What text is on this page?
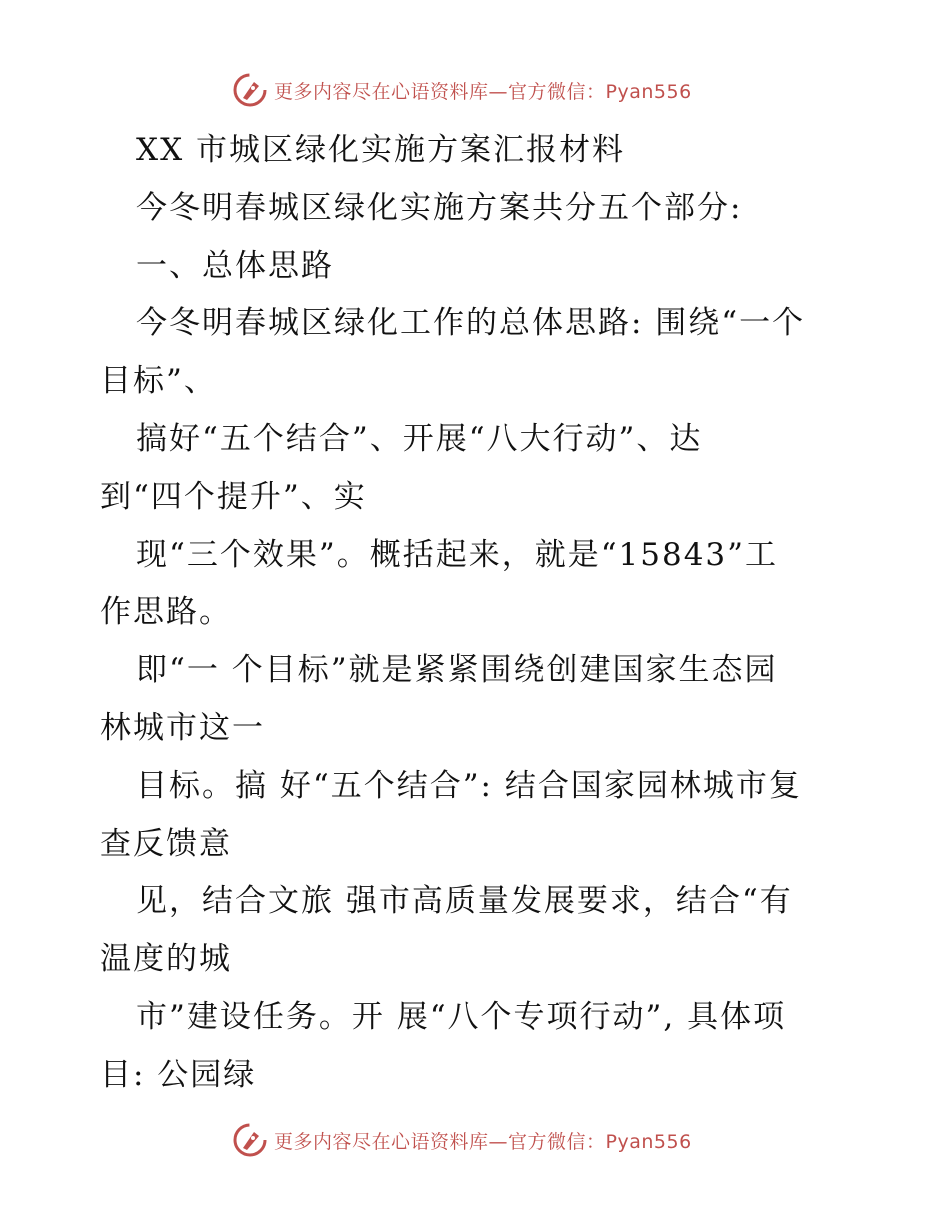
更多内容尽在心语资料库—官方微信：Pyan556
XX 市城区绿化实施方案汇报材料
今冬明春城区绿化实施方案共分五个部分:
一、总体思路
今冬明春城区绿化工作的总体思路: 围绕“一个
目标”、
搞好“五个结合”、开展“八大行动”、达
到“四个提升”、实
现“三个效果”。概括起来，就是“15843”工
作思路。
即“一 个目标”就是紧紧围绕创建国家生态园
林城市这一
目标。搞 好“五个结合”: 结合国家园林城市复
查反馈意
见，结合文旅 强市高质量发展要求，结合“有
温度的城
市”建设任务。开 展“八个专项行动”, 具体项
目: 公园绿
更多内容尽在心语资料库—官方微信：Pyan556
